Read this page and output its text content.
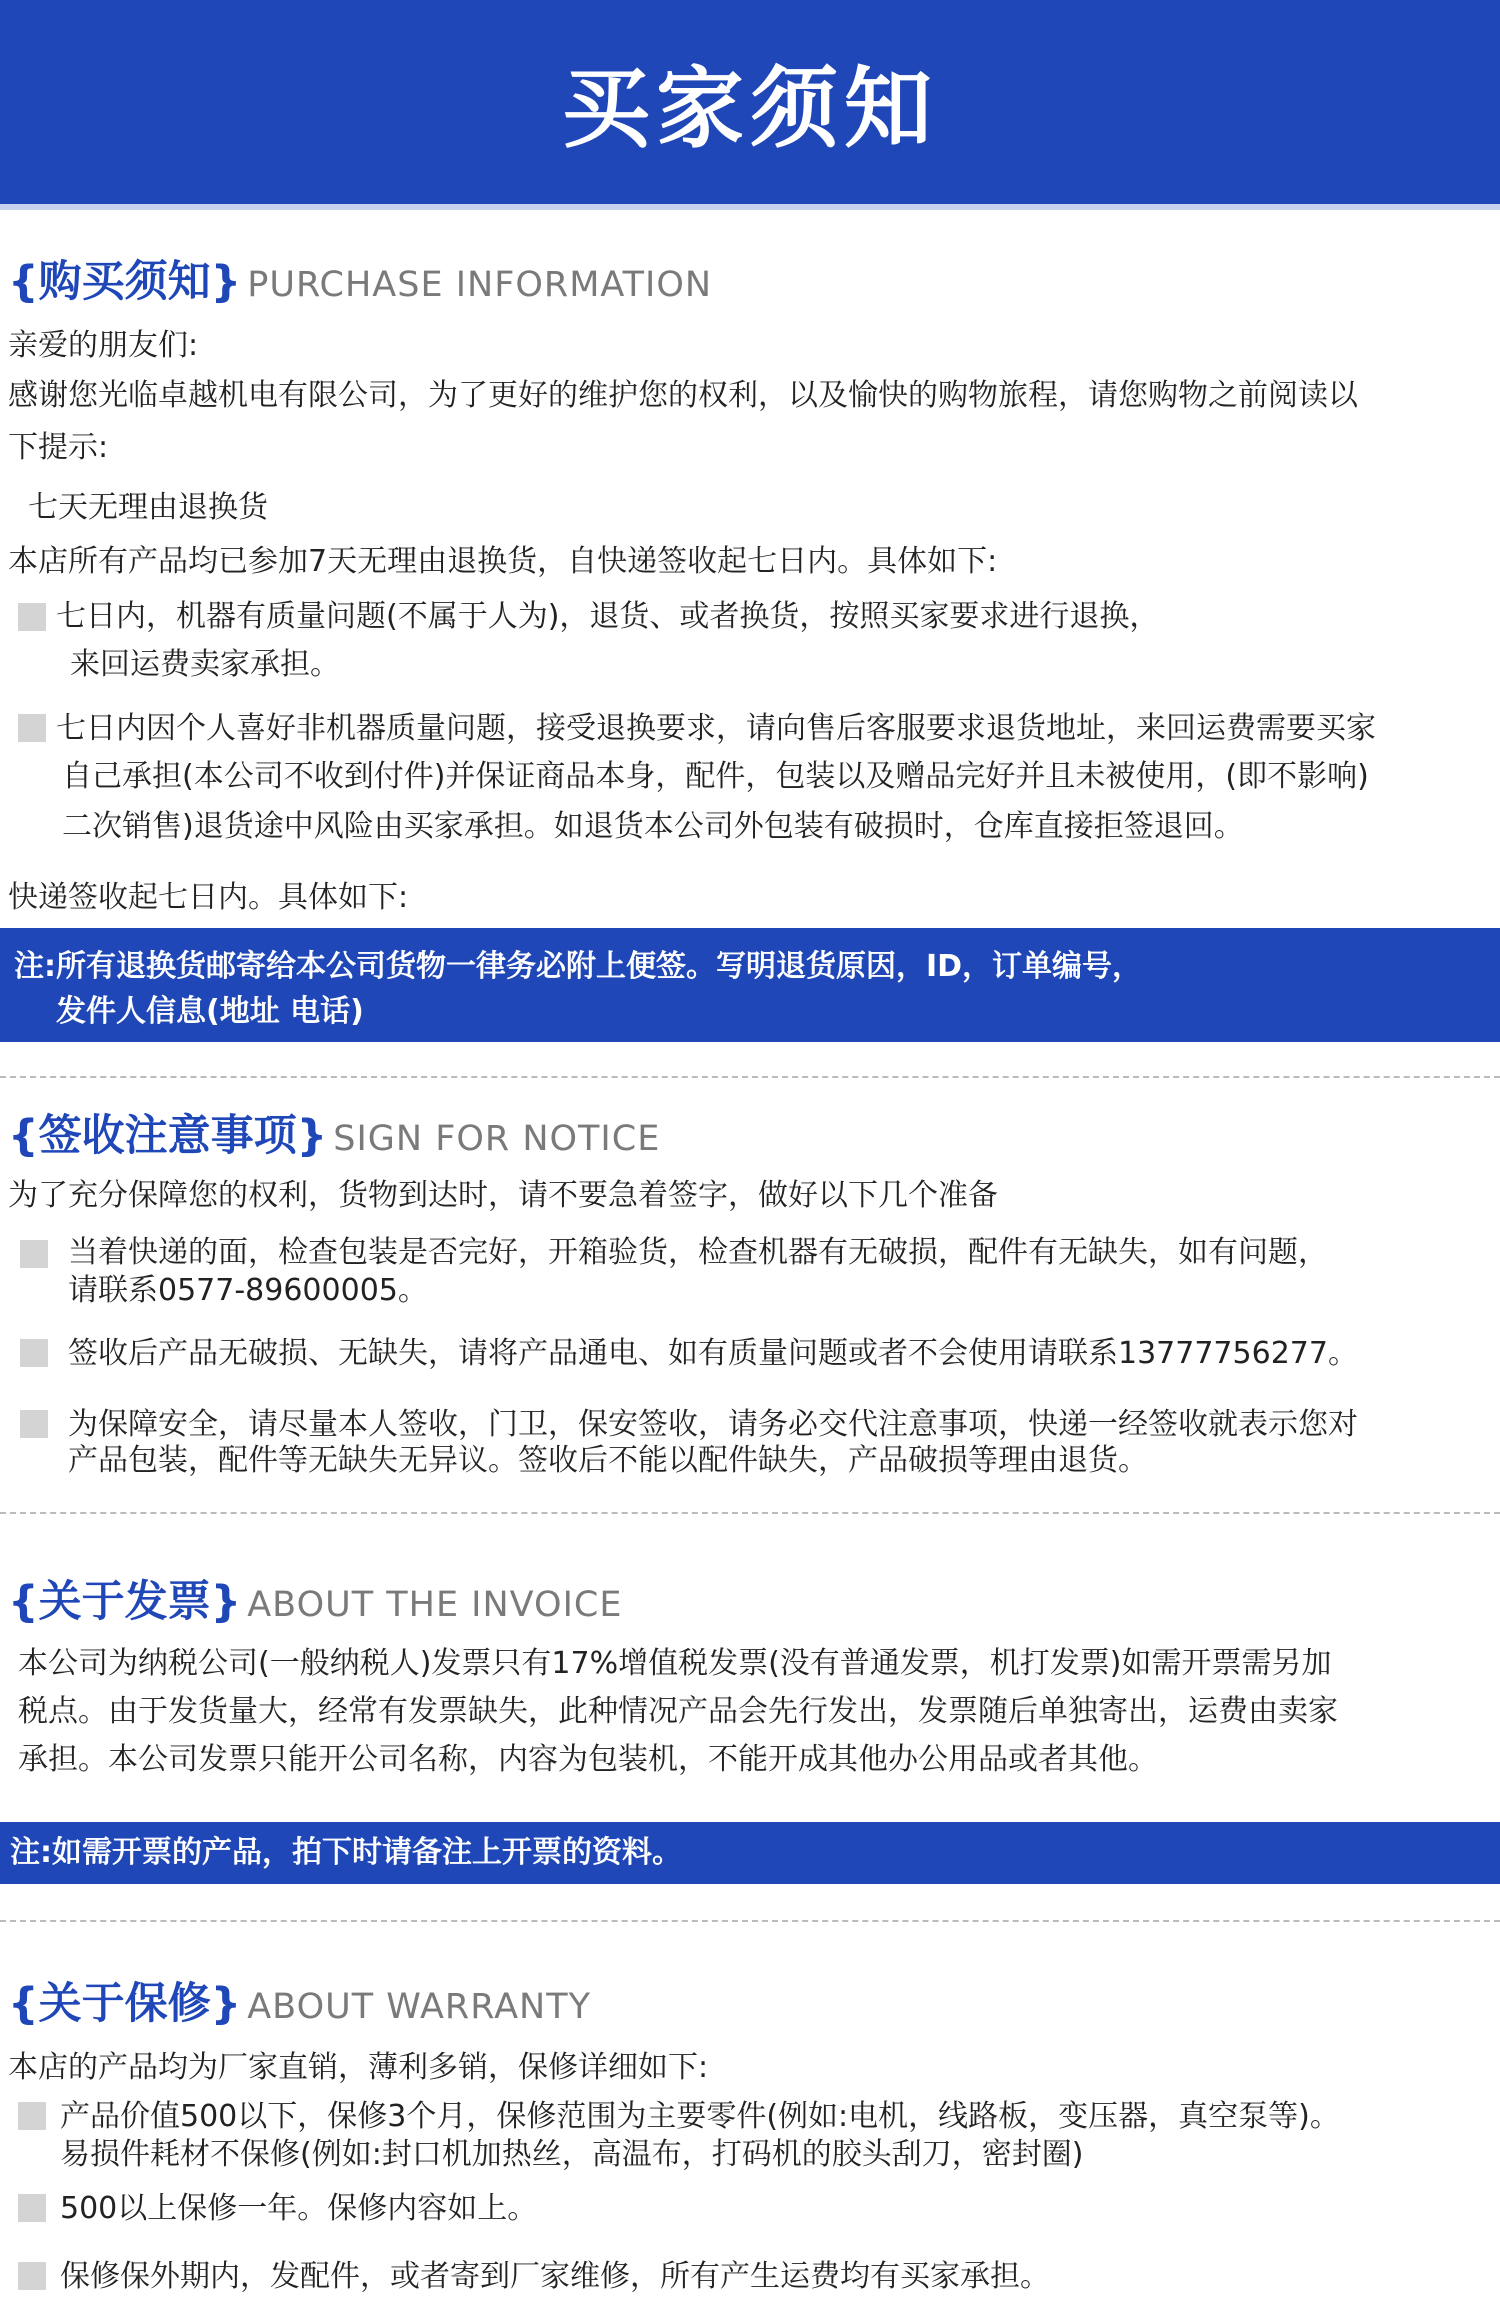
买家须知
{购买须知} PURCHASE INFORMATION

亲爱的朋友们:

感谢您光临卓越机电有限公司，为了更好的维护您的权利，以及愉快的购物旅程，请您购物之前阅读以

下提示:

七天无理由退换货

本店所有产品均已参加7天无理由退换货，自快递签收起七日内。具体如下:

七日内，机器有质量问题(不属于人为)，退货、或者换货，按照买家要求进行退换，
来回运费卖家承担。
七日内因个人喜好非机器质量问题，接受退换要求，请向售后客服要求退货地址，来回运费需要买家
自己承担(本公司不收到付件)并保证商品本身，配件，包装以及赠品完好并且未被使用，(即不影响)
二次销售)退货途中风险由买家承担。如退货本公司外包装有破损时，仓库直接拒签退回。

快递签收起七日内。具体如下:

注:所有退换货邮寄给本公司货物一律务必附上便签。写明退货原因，ID，订单编号，
发件人信息(地址 电话)
{签收注意事项} SIGN FOR NOTICE

为了充分保障您的权利，货物到达时，请不要急着签字，做好以下几个准备

当着快递的面，检查包装是否完好，开箱验货，检查机器有无破损，配件有无缺失，如有问题，
请联系0577-89600005。
签收后产品无破损、无缺失，请将产品通电、如有质量问题或者不会使用请联系13777756277。
为保障安全，请尽量本人签收，门卫，保安签收，请务必交代注意事项，快递一经签收就表示您对
产品包装，配件等无缺失无异议。签收后不能以配件缺失，产品破损等理由退货。
{关于发票} ABOUT THE INVOICE

本公司为纳税公司(一般纳税人)发票只有17%增值税发票(没有普通发票，机打发票)如需开票需另加

税点。由于发货量大，经常有发票缺失，此种情况产品会先行发出，发票随后单独寄出，运费由卖家

承担。本公司发票只能开公司名称，内容为包装机，不能开成其他办公用品或者其他。

注:如需开票的产品，拍下时请备注上开票的资料。
{关于保修} ABOUT WARRANTY

本店的产品均为厂家直销，薄利多销，保修详细如下:

产品价值500以下，保修3个月，保修范围为主要零件(例如:电机，线路板，变压器，真空泵等)。
易损件耗材不保修(例如:封口机加热丝，高温布，打码机的胶头刮刀，密封圈)
500以上保修一年。保修内容如上。
保修保外期内，发配件，或者寄到厂家维修，所有产生运费均有买家承担。
